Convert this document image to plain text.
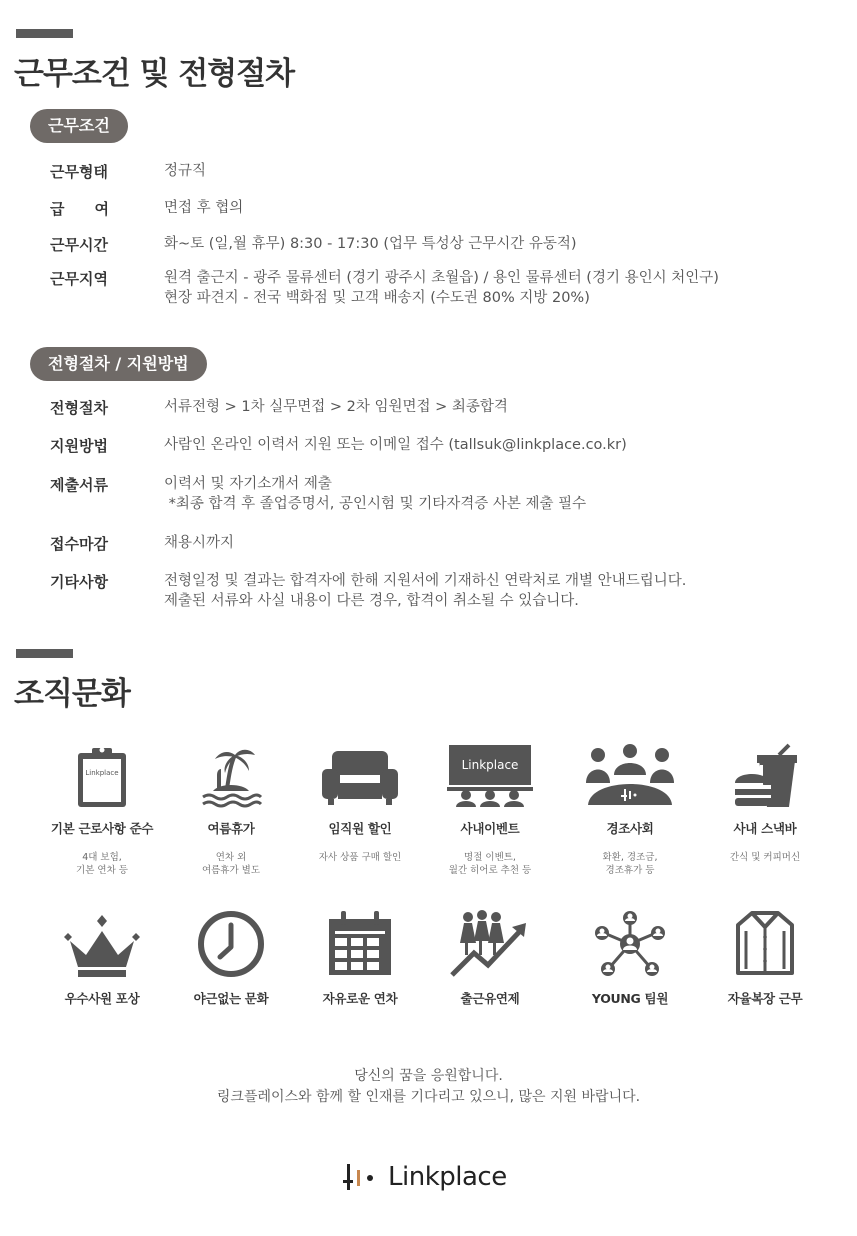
근무조건 및 전형절차
근무조건
근무형태	정규직
급　　여	면접 후 협의
근무시간	화~토 (일,월 휴무) 8:30 - 17:30 (업무 특성상 근무시간 유동적)
근무지역	원격 출근지 - 광주 물류센터 (경기 광주시 초월읍) / 용인 물류센터 (경기 용인시 처인구)
현장 파견지 - 전국 백화점 및 고객 배송지 (수도권 80% 지방 20%)
전형절차 / 지원방법
전형절차	서류전형 > 1차 실무면접 > 2차 임원면접 > 최종합격
지원방법	사람인 온라인 이력서 지원 또는 이메일 접수 (tallsuk@linkplace.co.kr)
제출서류	이력서 및 자기소개서 제출
*최종 합격 후 졸업증명서, 공인시험 및 기타자격증 사본 제출 필수
접수마감	채용시까지
기타사항	전형일정 및 결과는 합격자에 한해 지원서에 기재하신 연락처로 개별 안내드립니다.
제출된 서류와 사실 내용이 다른 경우, 합격이 취소될 수 있습니다.
조직문화
Linkplace
기본 근로사항 준수
4대 보험,
기본 연차 등
여름휴가
연차 외
여름휴가 별도
임직원 할인
자사 상품 구매 할인
Linkplace
사내이벤트
명절 이벤트,
월간 히어로 추천 등
경조사회
화환, 경조금,
경조휴가 등
사내 스낵바
간식 및 커피머신
우수사원 포상	야근없는 문화	자유로운 연차	출근유연제	YOUNG 팀원	자율복장 근무
당신의 꿈을 응원합니다.
링크플레이스와 함께 할 인재를 기다리고 있으니, 많은 지원 바랍니다.
Linkplace
